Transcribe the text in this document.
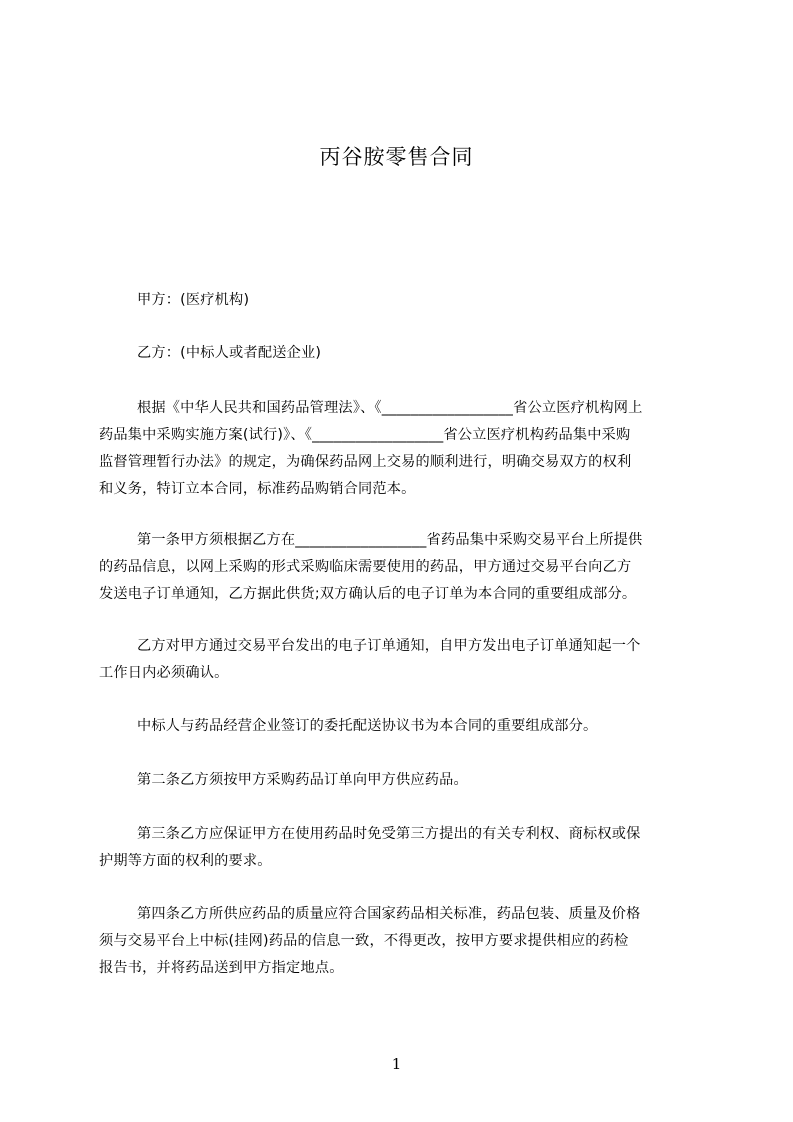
丙谷胺零售合同

甲方：(医疗机构)

乙方：(中标人或者配送企业)

根据《中华人民共和国药品管理法》、《__________________省公立医疗机构网上
药品集中采购实施方案(试行)》、《__________________省公立医疗机构药品集中采购
监督管理暂行办法》的规定，为确保药品网上交易的顺利进行，明确交易双方的权利
和义务，特订立本合同，标准药品购销合同范本。

第一条甲方须根据乙方在__________________省药品集中采购交易平台上所提供
的药品信息，以网上采购的形式采购临床需要使用的药品，甲方通过交易平台向乙方
发送电子订单通知，乙方据此供货;双方确认后的电子订单为本合同的重要组成部分。

乙方对甲方通过交易平台发出的电子订单通知，自甲方发出电子订单通知起一个
工作日内必须确认。

中标人与药品经营企业签订的委托配送协议书为本合同的重要组成部分。

第二条乙方须按甲方采购药品订单向甲方供应药品。

第三条乙方应保证甲方在使用药品时免受第三方提出的有关专利权、商标权或保
护期等方面的权利的要求。

第四条乙方所供应药品的质量应符合国家药品相关标准，药品包装、质量及价格
须与交易平台上中标(挂网)药品的信息一致，不得更改，按甲方要求提供相应的药检
报告书，并将药品送到甲方指定地点。

1
